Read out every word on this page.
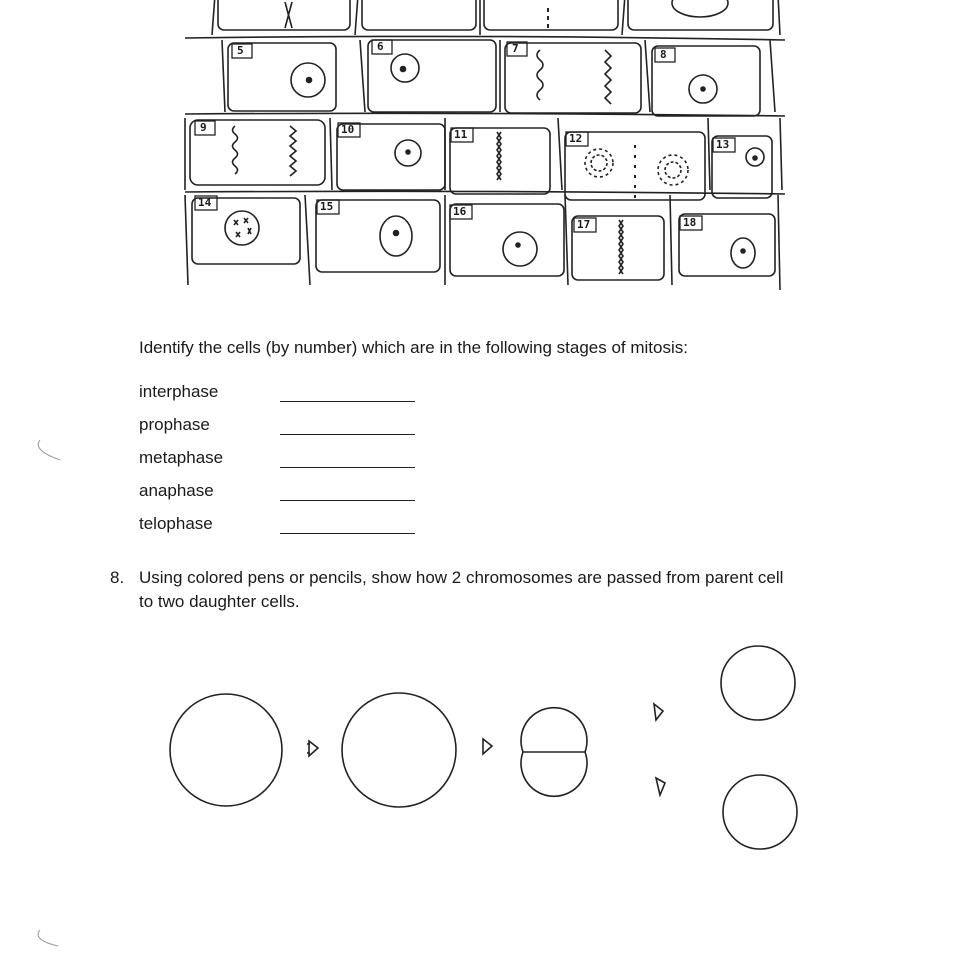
5	6	7	8
9	10	11	12	13
14	15	16
17	18
Identify the cells (by number) which are in the following stages of mitosis:
interphase
prophase
metaphase
anaphase
telophase
8. Using colored pens or pencils, show how 2 chromosomes are passed from parent cell
to two daughter cells.
